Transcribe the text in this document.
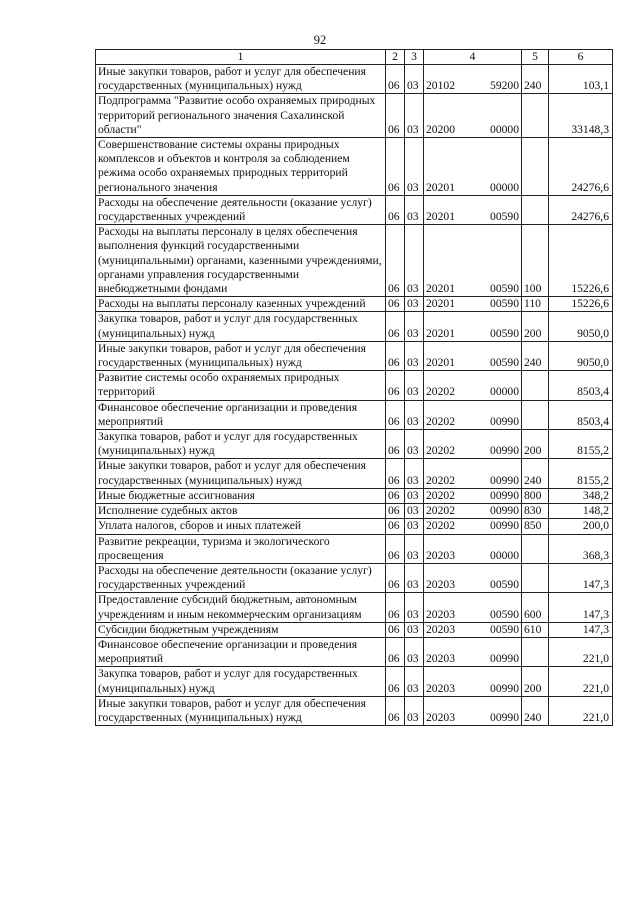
92
1	2	3	4	5	6
Иные закупки товаров, работ и услуг для обеспечения государственных (муниципальных) нужд	06	03	20102 59200	240	103,1
Подпрограмма "Развитие особо охраняемых природных территорий регионального значения Сахалинской области"	06	03	20200 00000		33148,3
Совершенствование системы охраны природных комплексов и объектов и контроля за соблюдением режима особо охраняемых природных территорий регионального значения	06	03	20201 00000		24276,6
Расходы на обеспечение деятельности (оказание услуг) государственных учреждений	06	03	20201 00590		24276,6
Расходы на выплаты персоналу в целях обеспечения выполнения функций государственными (муниципальными) органами, казенными учреждениями, органами управления государственными внебюджетными фондами	06	03	20201 00590	100	15226,6
Расходы на выплаты персоналу казенных учреждений	06	03	20201 00590	110	15226,6
Закупка товаров, работ и услуг для государственных (муниципальных) нужд	06	03	20201 00590	200	9050,0
Иные закупки товаров, работ и услуг для обеспечения государственных (муниципальных) нужд	06	03	20201 00590	240	9050,0
Развитие системы особо охраняемых природных территорий	06	03	20202 00000		8503,4
Финансовое обеспечение организации и проведения мероприятий	06	03	20202 00990		8503,4
Закупка товаров, работ и услуг для государственных (муниципальных) нужд	06	03	20202 00990	200	8155,2
Иные закупки товаров, работ и услуг для обеспечения государственных (муниципальных) нужд	06	03	20202 00990	240	8155,2
Иные бюджетные ассигнования	06	03	20202 00990	800	348,2
Исполнение судебных актов	06	03	20202 00990	830	148,2
Уплата налогов, сборов и иных платежей	06	03	20202 00990	850	200,0
Развитие рекреации, туризма и экологического просвещения	06	03	20203 00000		368,3
Расходы на обеспечение деятельности (оказание услуг) государственных учреждений	06	03	20203 00590		147,3
Предоставление субсидий бюджетным, автономным учреждениям и иным некоммерческим организациям	06	03	20203 00590	600	147,3
Субсидии бюджетным учреждениям	06	03	20203 00590	610	147,3
Финансовое обеспечение организации и проведения мероприятий	06	03	20203 00990		221,0
Закупка товаров, работ и услуг для государственных (муниципальных) нужд	06	03	20203 00990	200	221,0
Иные закупки товаров, работ и услуг для обеспечения государственных (муниципальных) нужд	06	03	20203 00990	240	221,0
